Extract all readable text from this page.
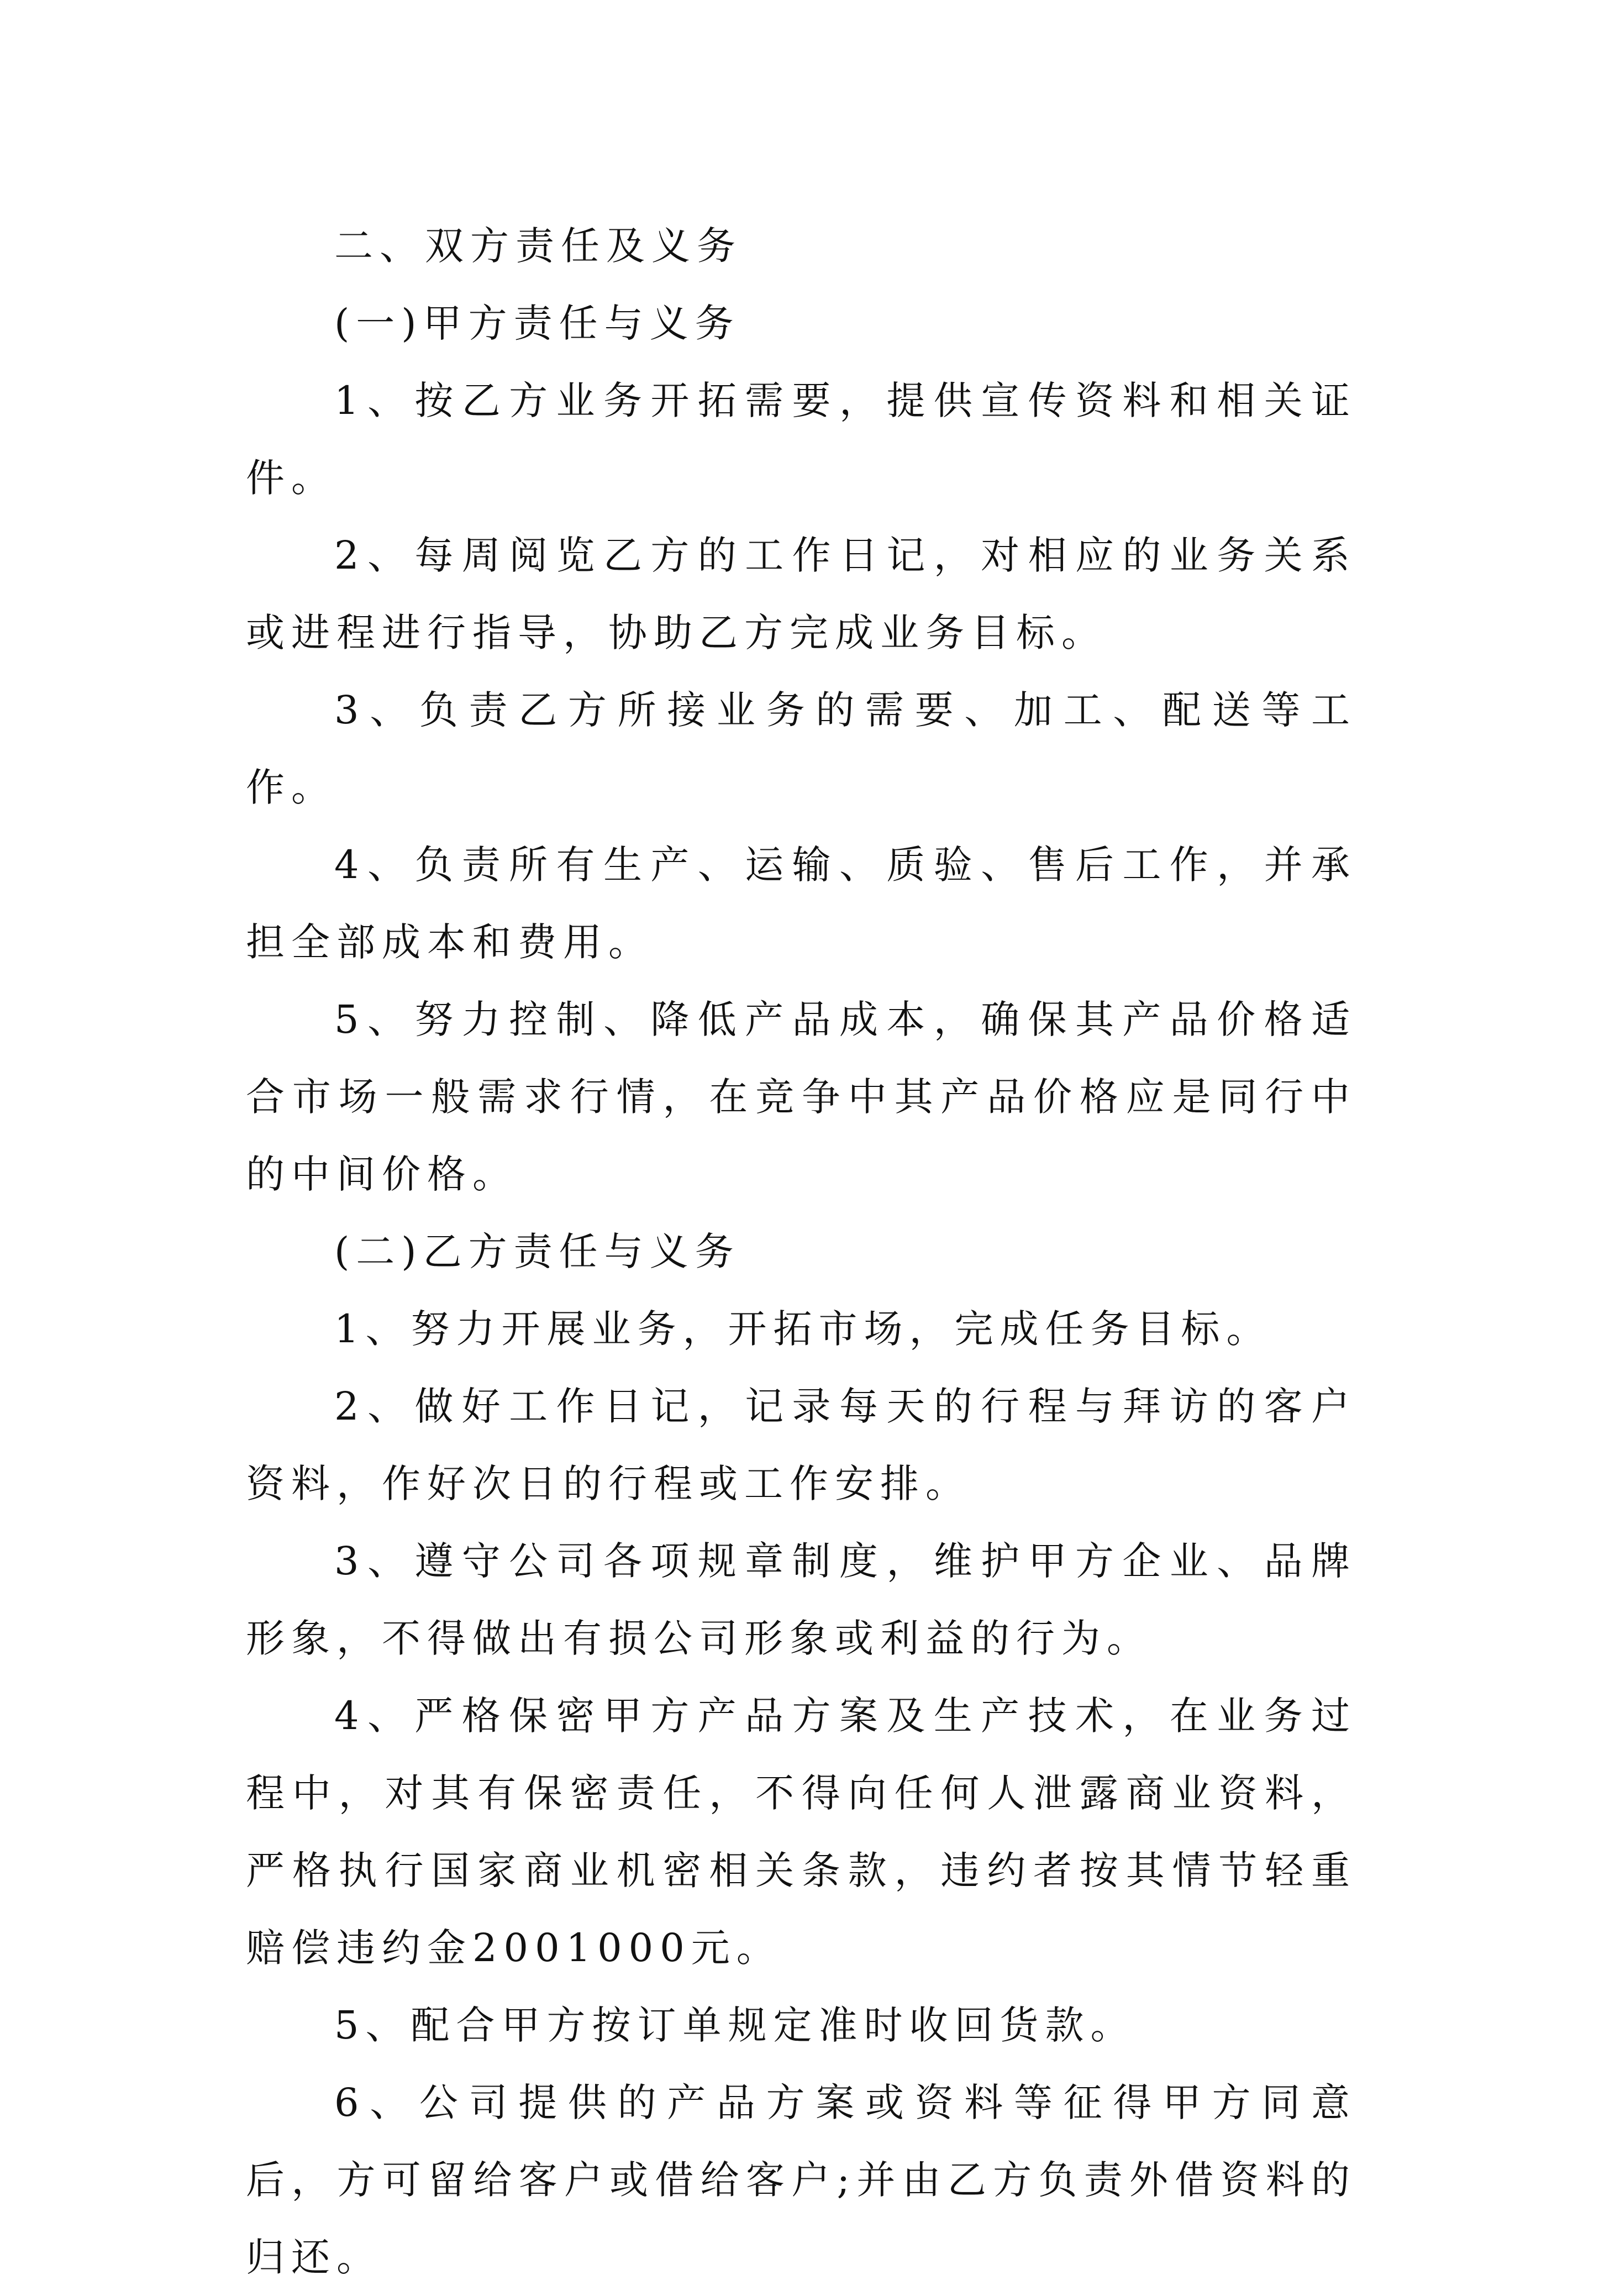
二、双方责任及义务

(一)甲方责任与义务

1、按乙方业务开拓需要，提供宣传资料和相关证件。

2、每周阅览乙方的工作日记，对相应的业务关系或进程进行指导，协助乙方完成业务目标。

3、负责乙方所接业务的需要、加工、配送等工作。

4、负责所有生产、运输、质验、售后工作，并承担全部成本和费用。

5、努力控制、降低产品成本，确保其产品价格适合市场一般需求行情，在竞争中其产品价格应是同行中的中间价格。

(二)乙方责任与义务

1、努力开展业务，开拓市场，完成任务目标。

2、做好工作日记，记录每天的行程与拜访的客户资料，作好次日的行程或工作安排。

3、遵守公司各项规章制度，维护甲方企业、品牌形象，不得做出有损公司形象或利益的行为。

4、严格保密甲方产品方案及生产技术，在业务过程中，对其有保密责任，不得向任何人泄露商业资料，严格执行国家商业机密相关条款，违约者按其情节轻重赔偿违约金2001000元。

5、配合甲方按订单规定准时收回货款。

6、公司提供的产品方案或资料等征得甲方同意后，方可留给客户或借给客户;并由乙方负责外借资料的归还。
